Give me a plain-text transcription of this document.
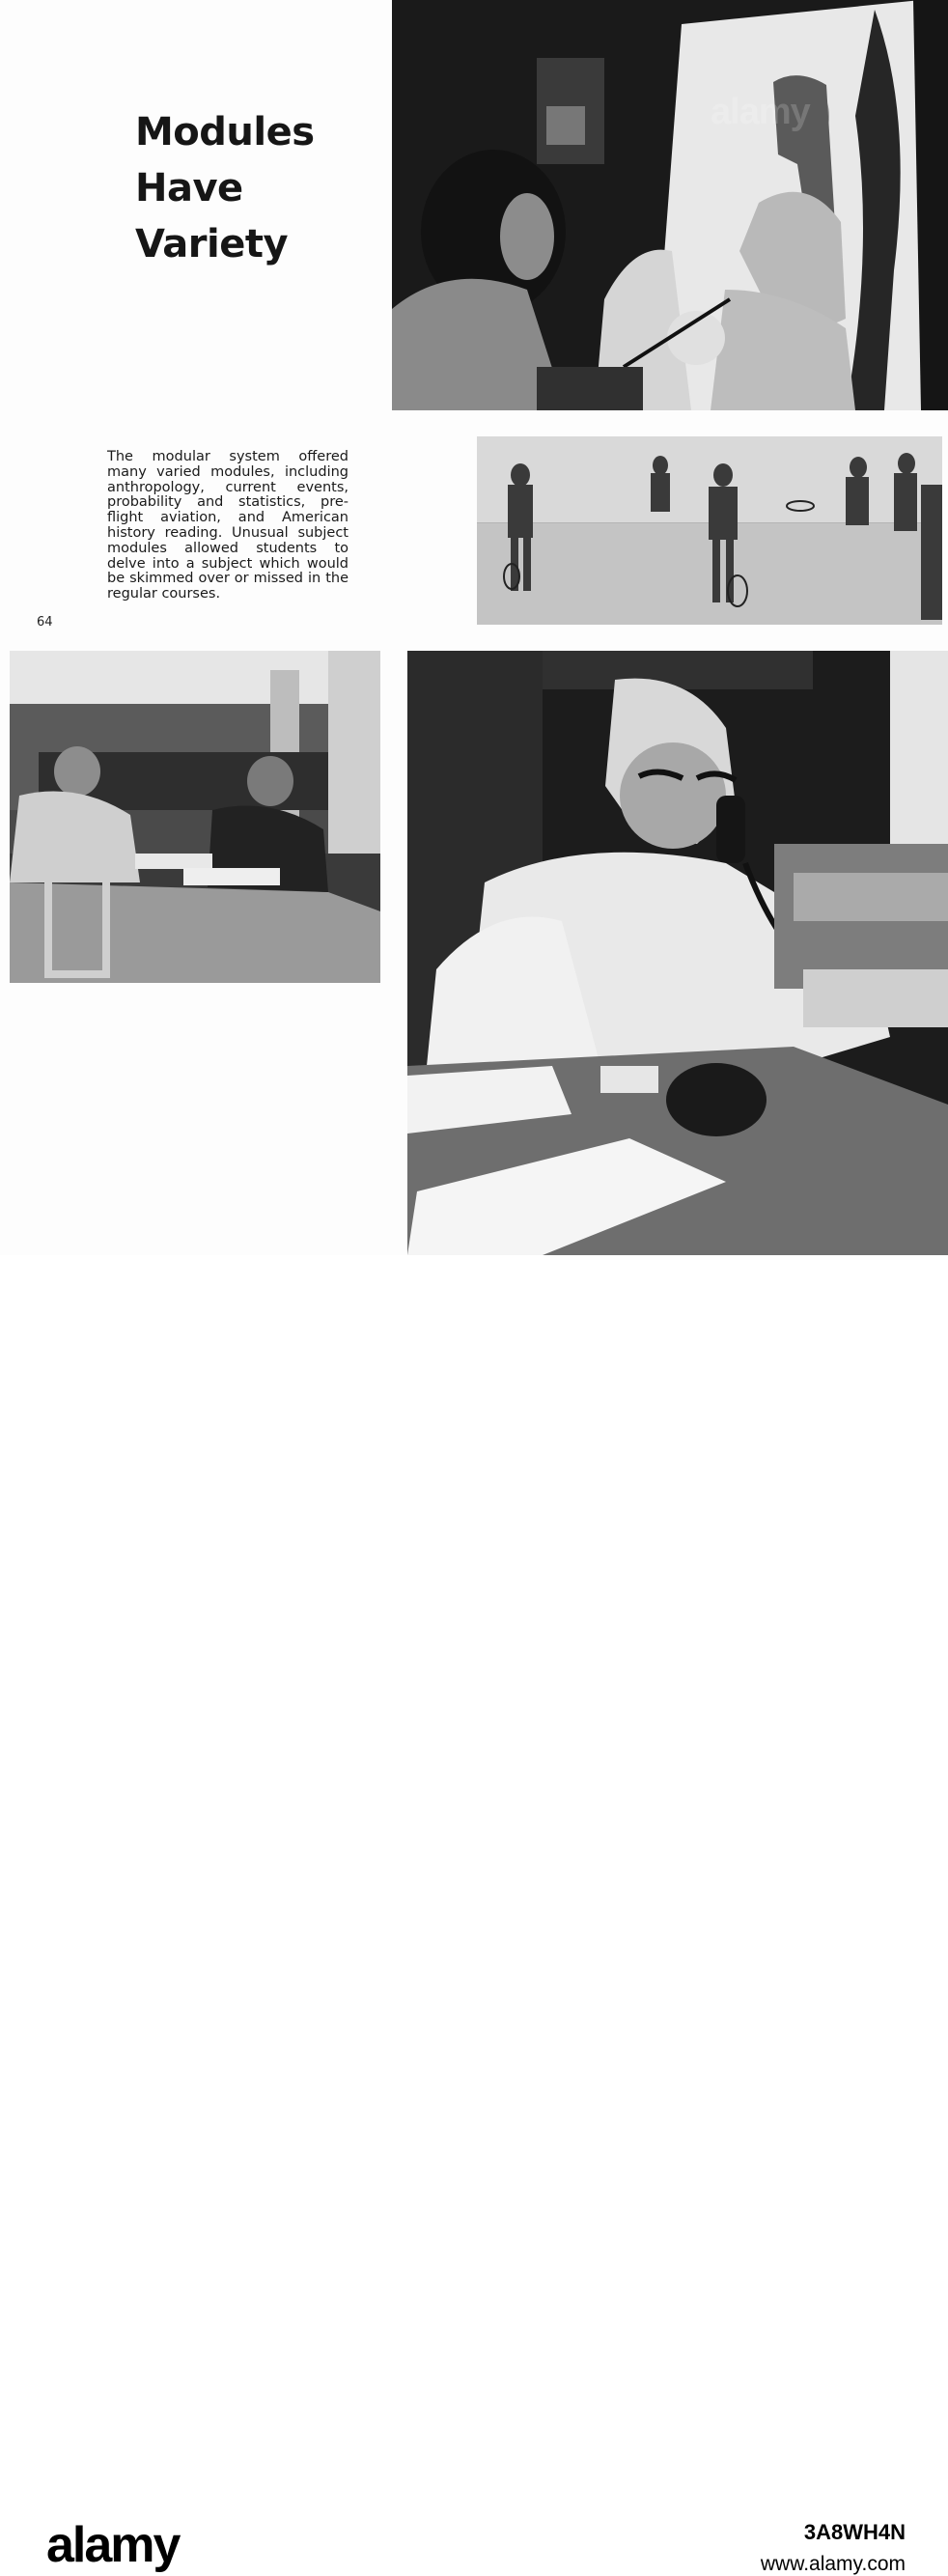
Modules
Have
Variety

The modular system offered many varied modules, including anthropology, current events, probability and statistics, pre-flight aviation, and American history reading. Unusual subject modules allowed students to delve into a subject which would be skimmed over or missed in the regular courses.

64
alamy	3A8WH4N
www.alamy.com
